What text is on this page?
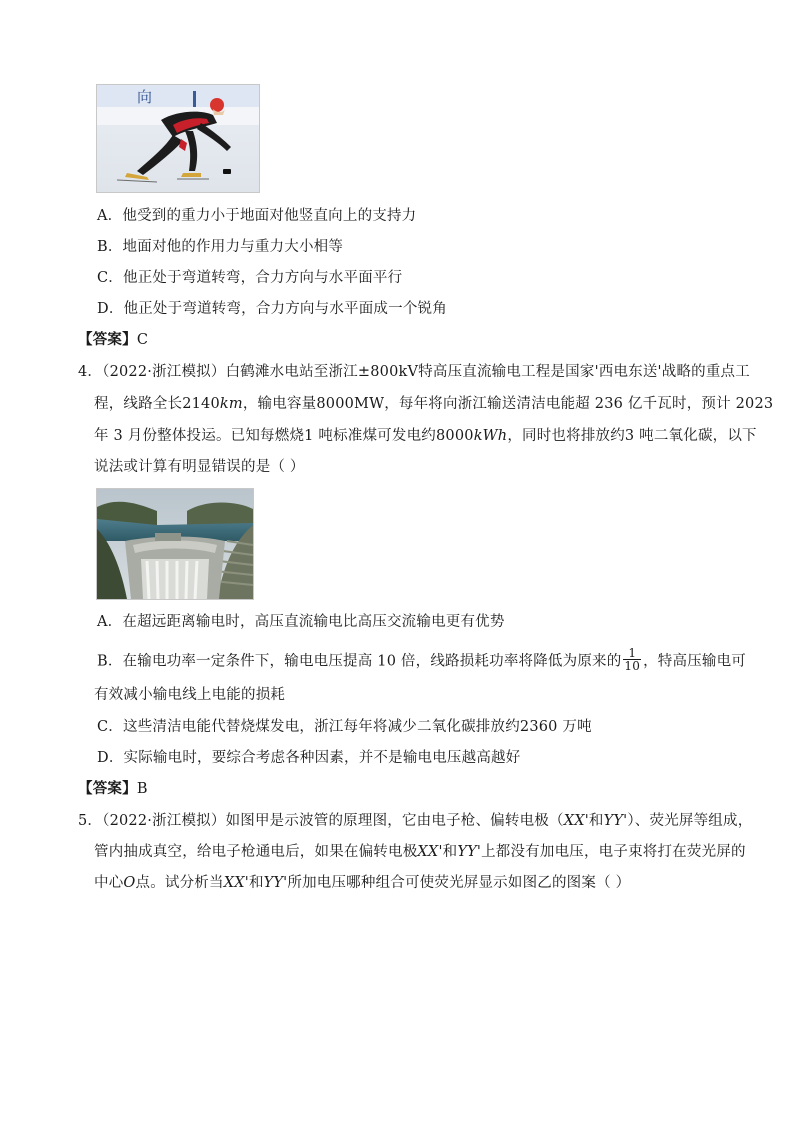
向
A．他受到的重力小于地面对他竖直向上的支持力
B．地面对他的作用力与重力大小相等
C．他正处于弯道转弯，合力方向与水平面平行
D．他正处于弯道转弯，合力方向与水平面成一个锐角
【答案】C
4．（2022·浙江模拟）白鹤滩水电站至浙江±800kV特高压直流输电工程是国家'西电东送'战略的重点工
程，线路全长2140km，输电容量8000MW，每年将向浙江输送清洁电能超 236 亿千瓦时，预计 2023
年 3 月份整体投运。已知每燃烧1 吨标准煤可发电约8000kWh，同时也将排放约3 吨二氧化碳，以下
说法或计算有明显错误的是（ ）
A．在超远距离输电时，高压直流输电比高压交流输电更有优势
B．在输电功率一定条件下，输电电压提高 10 倍，线路损耗功率将降低为原来的 $\frac{1}{10}$ ，特高压输电可
有效减小输电线上电能的损耗
C．这些清洁电能代替烧煤发电，浙江每年将减少二氧化碳排放约2360 万吨
D．实际输电时，要综合考虑各种因素，并不是输电电压越高越好
【答案】B
5．（2022·浙江模拟）如图甲是示波管的原理图，它由电子枪、偏转电极（XX'和YY'）、荧光屏等组成，
管内抽成真空，给电子枪通电后，如果在偏转电极XX'和YY'上都没有加电压，电子束将打在荧光屏的
中心O点。试分析当XX'和YY'所加电压哪种组合可使荧光屏显示如图乙的图案（ ）
